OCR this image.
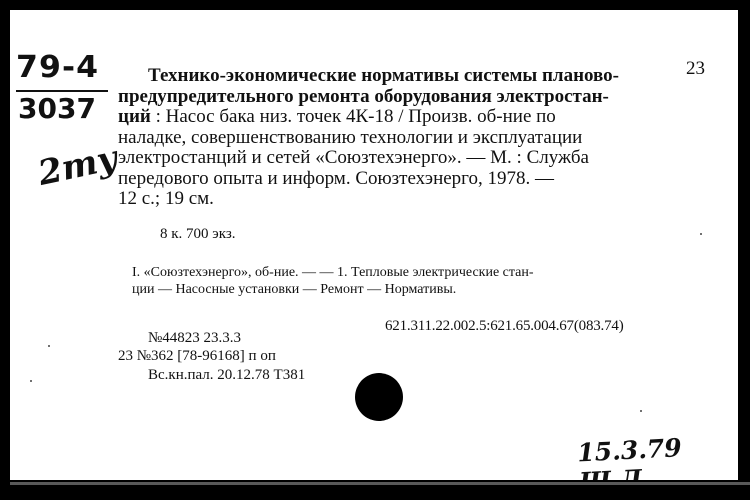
79-4
3037
2ту
23
Технико-экономические нормативы системы планово-
предупредительного ремонта оборудования электростан-
ций : Насос бака низ. точек 4К-18 / Произв. об-ние по
наладке, совершенствованию технологии и эксплуатации
электростанций и сетей «Союзтехэнерго». — М. : Служба
передового опыта и информ. Союзтехэнерго, 1978. —
12 с.; 19 см.
8 к. 700 экз.
I. «Союзтехэнерго», об-ние. — — 1. Тепловые электрические стан-
ции — Насосные установки — Ремонт — Нормативы.
621.311.22.002.5:621.65.004.67(083.74)
№44823 23.3.3
23 №362 [78-96168] п оп
Вс.кн.пал. 20.12.78 Т381
15.3.79
